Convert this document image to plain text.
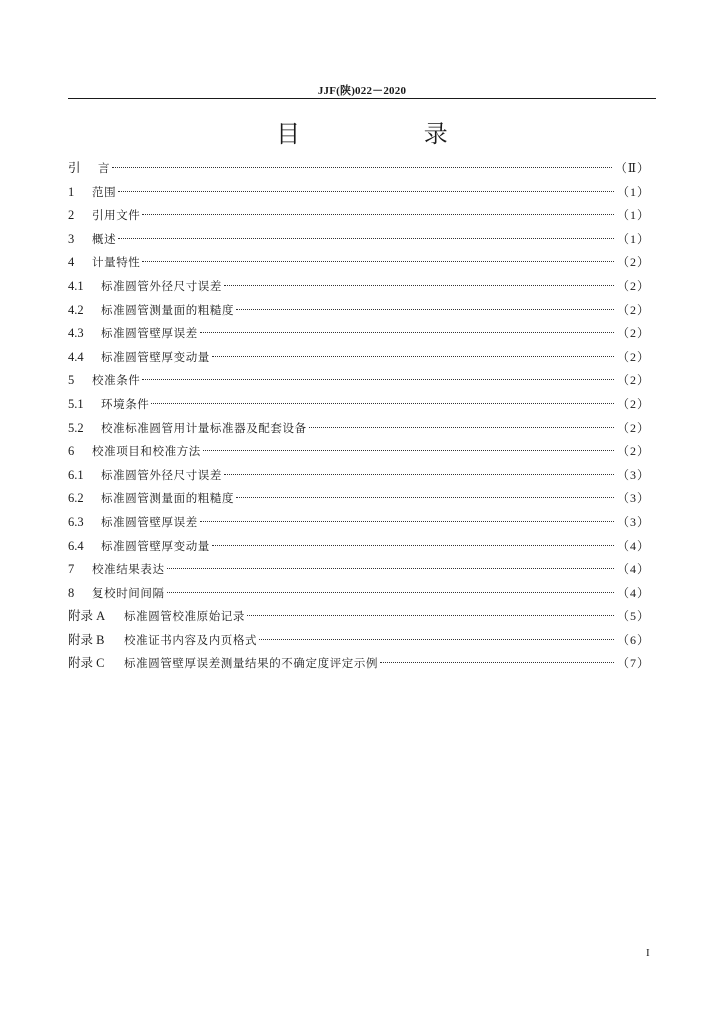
JJF(陕)022－2020
目 录
引	言	（Ⅱ）
1	范围	（1）
2	引用文件	（1）
3	概述	（1）
4	计量特性	（2）
4.1	标准圆管外径尺寸误差	（2）
4.2	标准圆管测量面的粗糙度	（2）
4.3	标准圆管壁厚误差	（2）
4.4	标准圆管壁厚变动量	（2）
5	校准条件	（2）
5.1	环境条件	（2）
5.2	校准标准圆管用计量标准器及配套设备	（2）
6	校准项目和校准方法	（2）
6.1	标准圆管外径尺寸误差	（3）
6.2	标准圆管测量面的粗糙度	（3）
6.3	标准圆管壁厚误差	（3）
6.4	标准圆管壁厚变动量	（4）
7	校准结果表达	（4）
8	复校时间间隔	（4）
附录 A	标准圆管校准原始记录	（5）
附录 B	校准证书内容及内页格式	（6）
附录 C	标准圆管壁厚误差测量结果的不确定度评定示例	（7）
I
